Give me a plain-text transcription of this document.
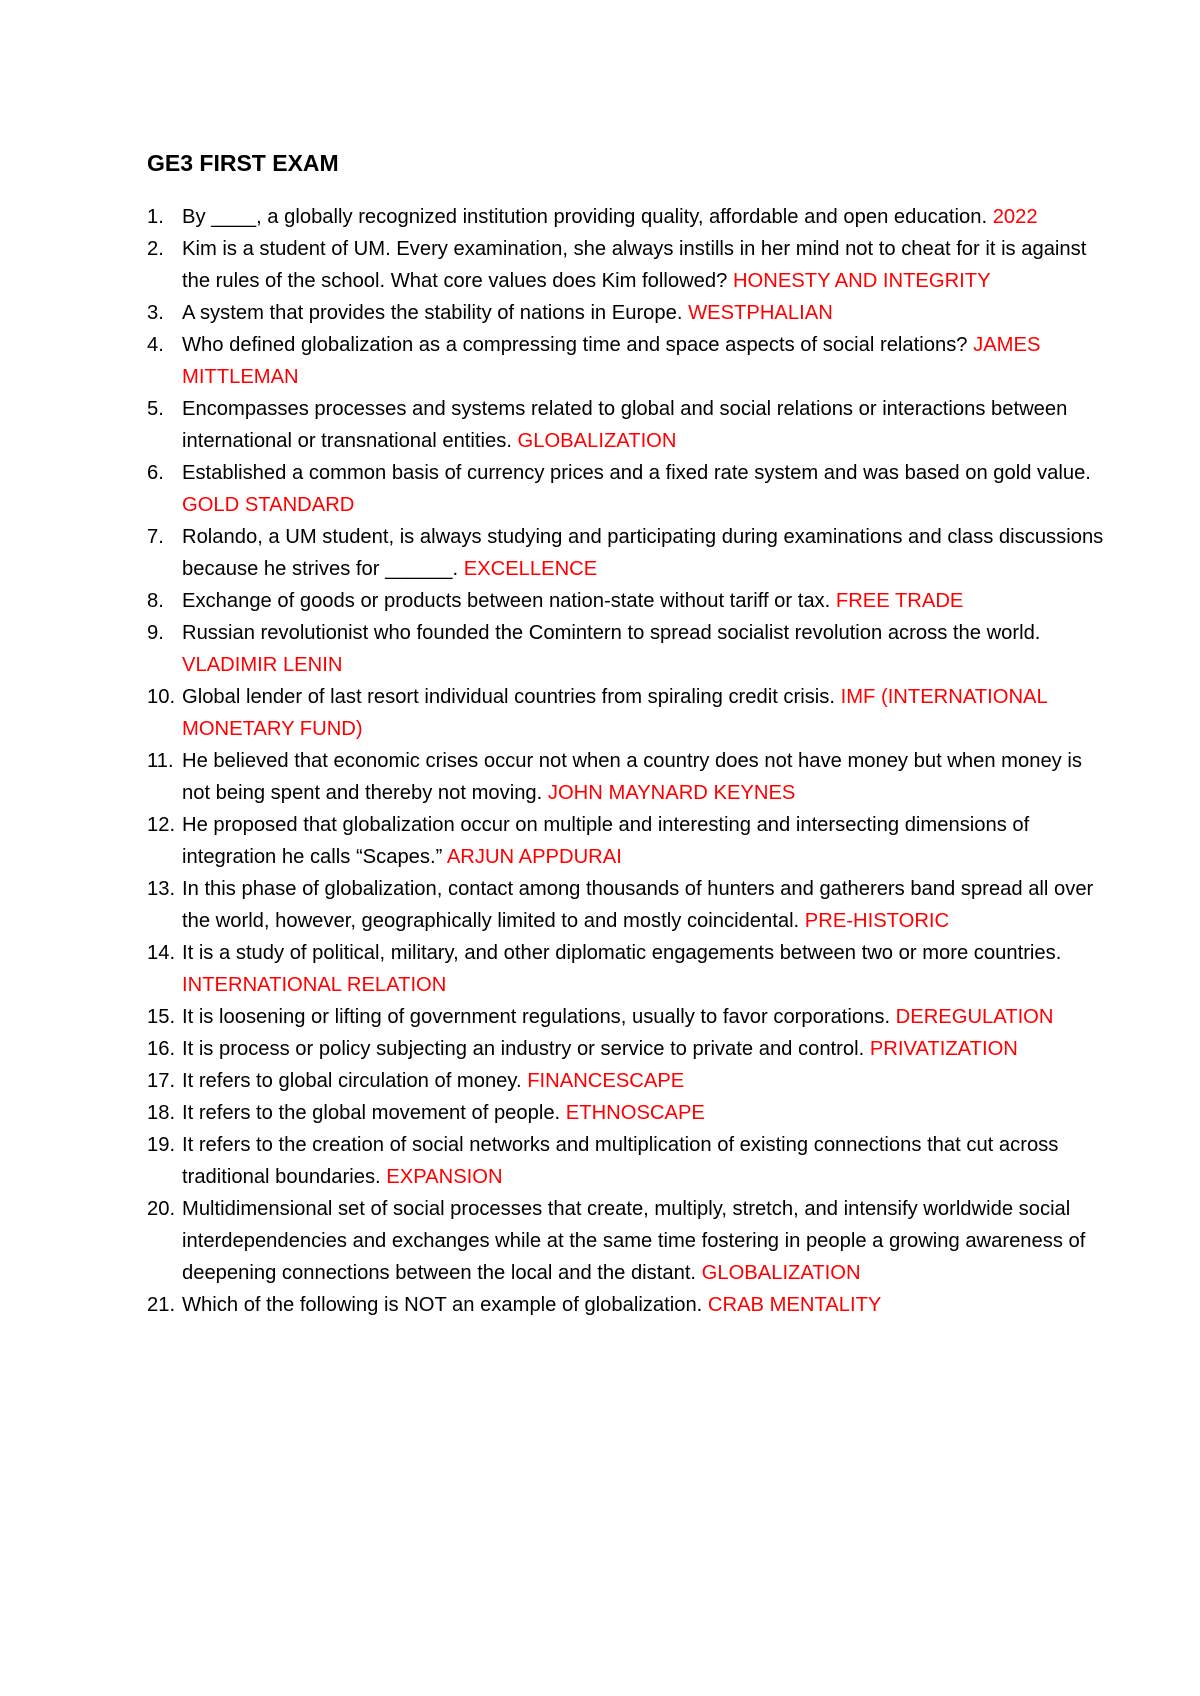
GE3 FIRST EXAM
1. By ____, a globally recognized institution providing quality, affordable and open education. 2022
2. Kim is a student of UM. Every examination, she always instills in her mind not to cheat for it is against the rules of the school. What core values does Kim followed? HONESTY AND INTEGRITY
3. A system that provides the stability of nations in Europe. WESTPHALIAN
4. Who defined globalization as a compressing time and space aspects of social relations? JAMES MITTLEMAN
5. Encompasses processes and systems related to global and social relations or interactions between international or transnational entities. GLOBALIZATION
6. Established a common basis of currency prices and a fixed rate system and was based on gold value. GOLD STANDARD
7. Rolando, a UM student, is always studying and participating during examinations and class discussions because he strives for ______. EXCELLENCE
8. Exchange of goods or products between nation-state without tariff or tax. FREE TRADE
9. Russian revolutionist who founded the Comintern to spread socialist revolution across the world. VLADIMIR LENIN
10. Global lender of last resort individual countries from spiraling credit crisis. IMF (INTERNATIONAL MONETARY FUND)
11. He believed that economic crises occur not when a country does not have money but when money is not being spent and thereby not moving. JOHN MAYNARD KEYNES
12. He proposed that globalization occur on multiple and interesting and intersecting dimensions of integration he calls “Scapes.” ARJUN APPDURAI
13. In this phase of globalization, contact among thousands of hunters and gatherers band spread all over the world, however, geographically limited to and mostly coincidental. PRE-HISTORIC
14. It is a study of political, military, and other diplomatic engagements between two or more countries. INTERNATIONAL RELATION
15. It is loosening or lifting of government regulations, usually to favor corporations. DEREGULATION
16. It is process or policy subjecting an industry or service to private and control. PRIVATIZATION
17. It refers to global circulation of money. FINANCESCAPE
18. It refers to the global movement of people. ETHNOSCAPE
19. It refers to the creation of social networks and multiplication of existing connections that cut across traditional boundaries. EXPANSION
20. Multidimensional set of social processes that create, multiply, stretch, and intensify worldwide social interdependencies and exchanges while at the same time fostering in people a growing awareness of deepening connections between the local and the distant. GLOBALIZATION
21. Which of the following is NOT an example of globalization. CRAB MENTALITY
